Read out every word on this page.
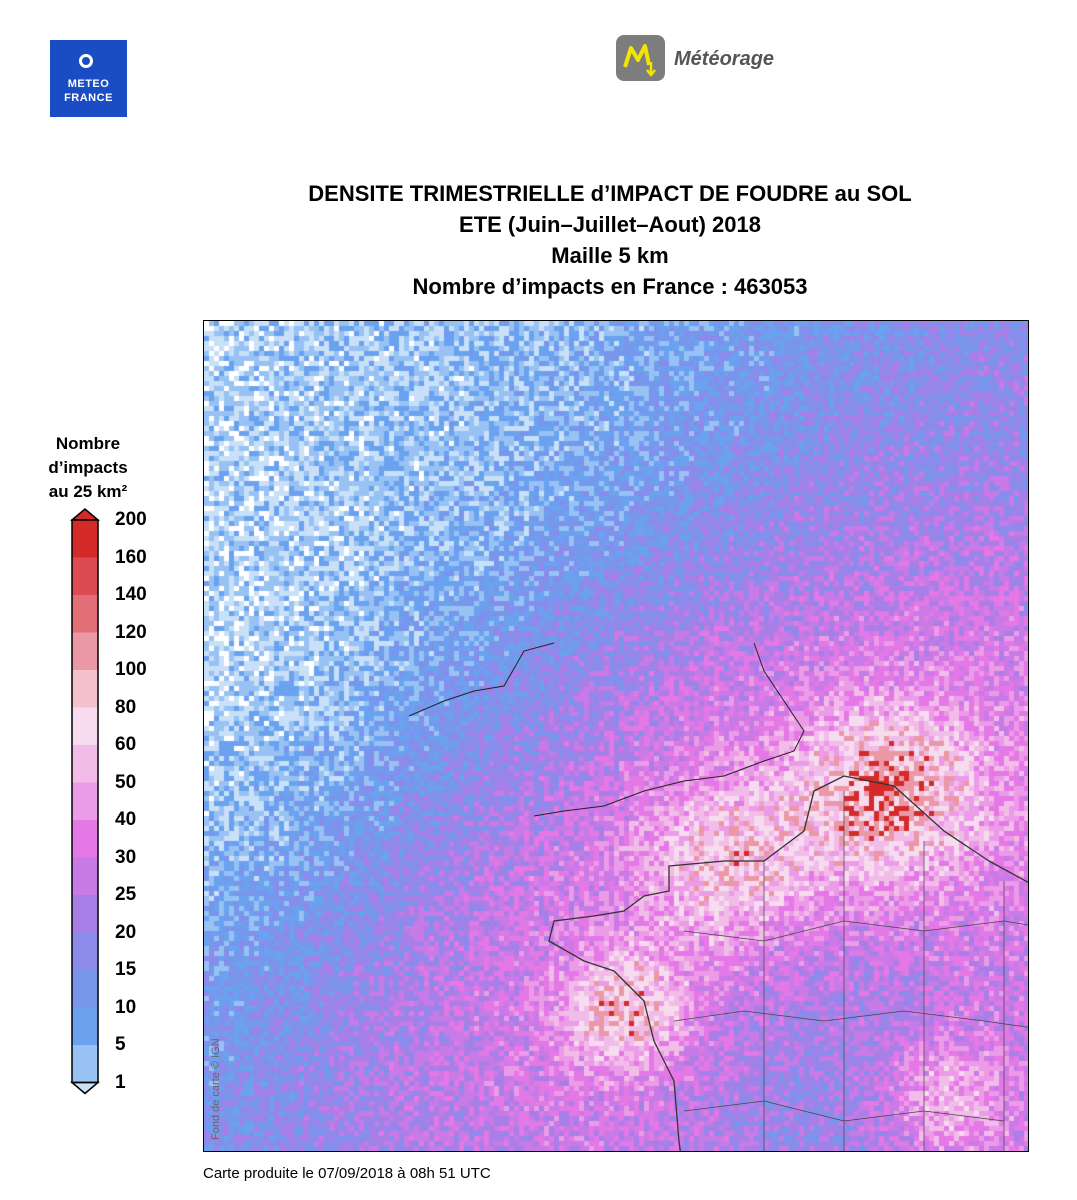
METEO
FRANCE
Météorage
DENSITE TRIMESTRIELLE d’IMPACT DE FOUDRE au SOL
ETE (Juin–Juillet–Aout) 2018
Maille 5 km
Nombre d’impacts en France : 463053
Nombre d’impacts
au 25 km²
200
160
140
120
100
80
60
50
40
30
25
20
15
10
5
1	Fond de carte © IGN
Carte produite le 07/09/2018 à 08h 51 UTC
